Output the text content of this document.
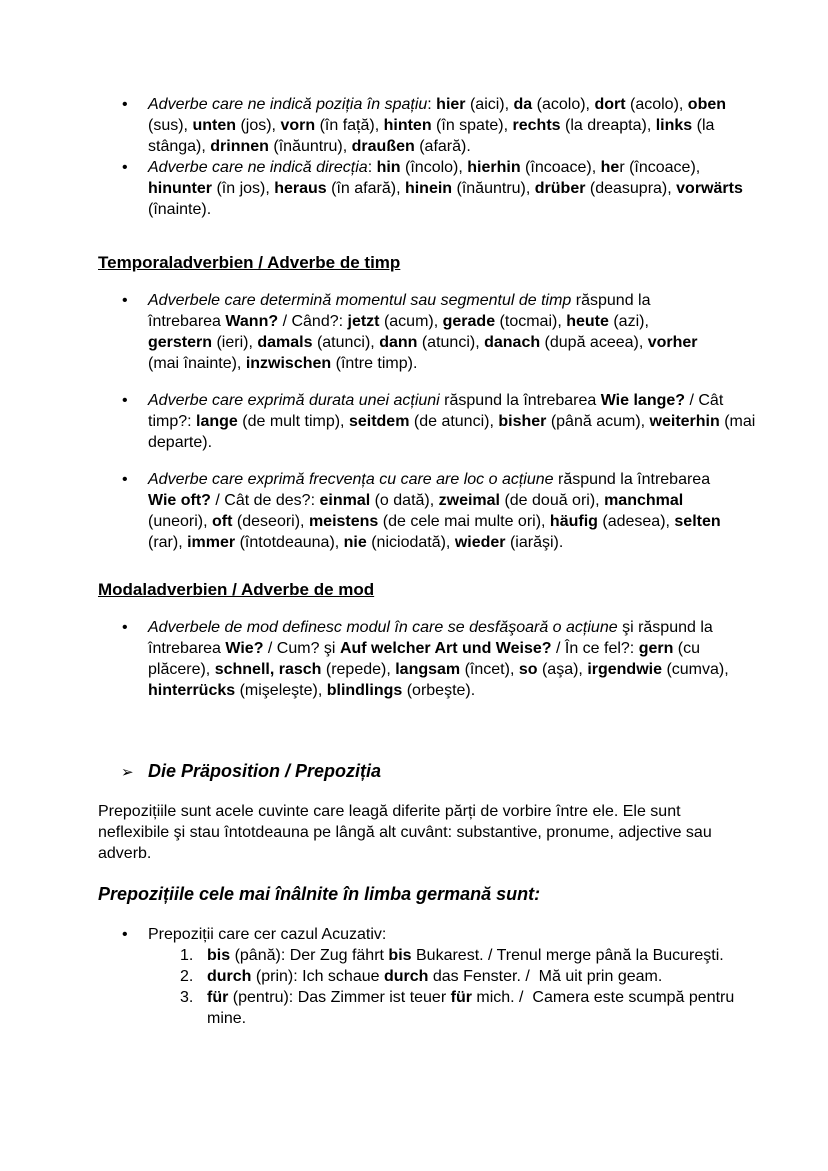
• Adverbe care ne indică poziția în spațiu: hier (aici), da (acolo), dort (acolo), oben (sus), unten (jos), vorn (în față), hinten (în spate), rechts (la dreapta), links (la stânga), drinnen (înăuntru), draußen (afară).
• Adverbe care ne indică direcția: hin (încolo), hierhin (încoace), her (încoace), hinunter (în jos), heraus (în afară), hinein (înăuntru), drüber (deasupra), vorwärts (înainte).
Temporaladverbien / Adverbe de timp
• Adverbele care determină momentul sau segmentul de timp răspund la întrebarea Wann? / Când?: jetzt (acum), gerade (tocmai), heute (azi), gerstern (ieri), damals (atunci), dann (atunci), danach (după aceea), vorher (mai înainte), inzwischen (între timp).
• Adverbe care exprimă durata unei acțiuni răspund la întrebarea Wie lange? / Cât timp?: lange (de mult timp), seitdem (de atunci), bisher (până acum), weiterhin (mai departe).
• Adverbe care exprimă frecvența cu care are loc o acțiune răspund la întrebarea Wie oft? / Cât de des?: einmal (o dată), zweimal (de două ori), manchmal (uneori), oft (deseori), meistens (de cele mai multe ori), häufig (adesea), selten (rar), immer (întotdeauna), nie (niciodată), wieder (iarăşi).
Modaladverbien / Adverbe de mod
• Adverbele de mod definesc modul în care se desfăşoară o acțiune şi răspund la întrebarea Wie? / Cum? şi Auf welcher Art und Weise? / În ce fel?: gern (cu plăcere), schnell, rasch (repede), langsam (încet), so (aşa), irgendwie (cumva), hinterrücks (mişeleşte), blindlings (orbeşte).
➢ Die Präposition / Prepoziția

Prepozițiile sunt acele cuvinte care leagă diferite părți de vorbire între ele. Ele sunt neflexibile şi stau întotdeauna pe lângă alt cuvânt: substantive, pronume, adjective sau adverb.

Prepozițiile cele mai înâlnite în limba germană sunt:
• Prepoziții care cer cazul Acuzativ:
1. bis (până): Der Zug fährt bis Bukarest. / Trenul merge până la Bucureşti.
2. durch (prin): Ich schaue durch das Fenster. /  Mă uit prin geam.
3. für (pentru): Das Zimmer ist teuer für mich. /  Camera este scumpă pentru mine.
